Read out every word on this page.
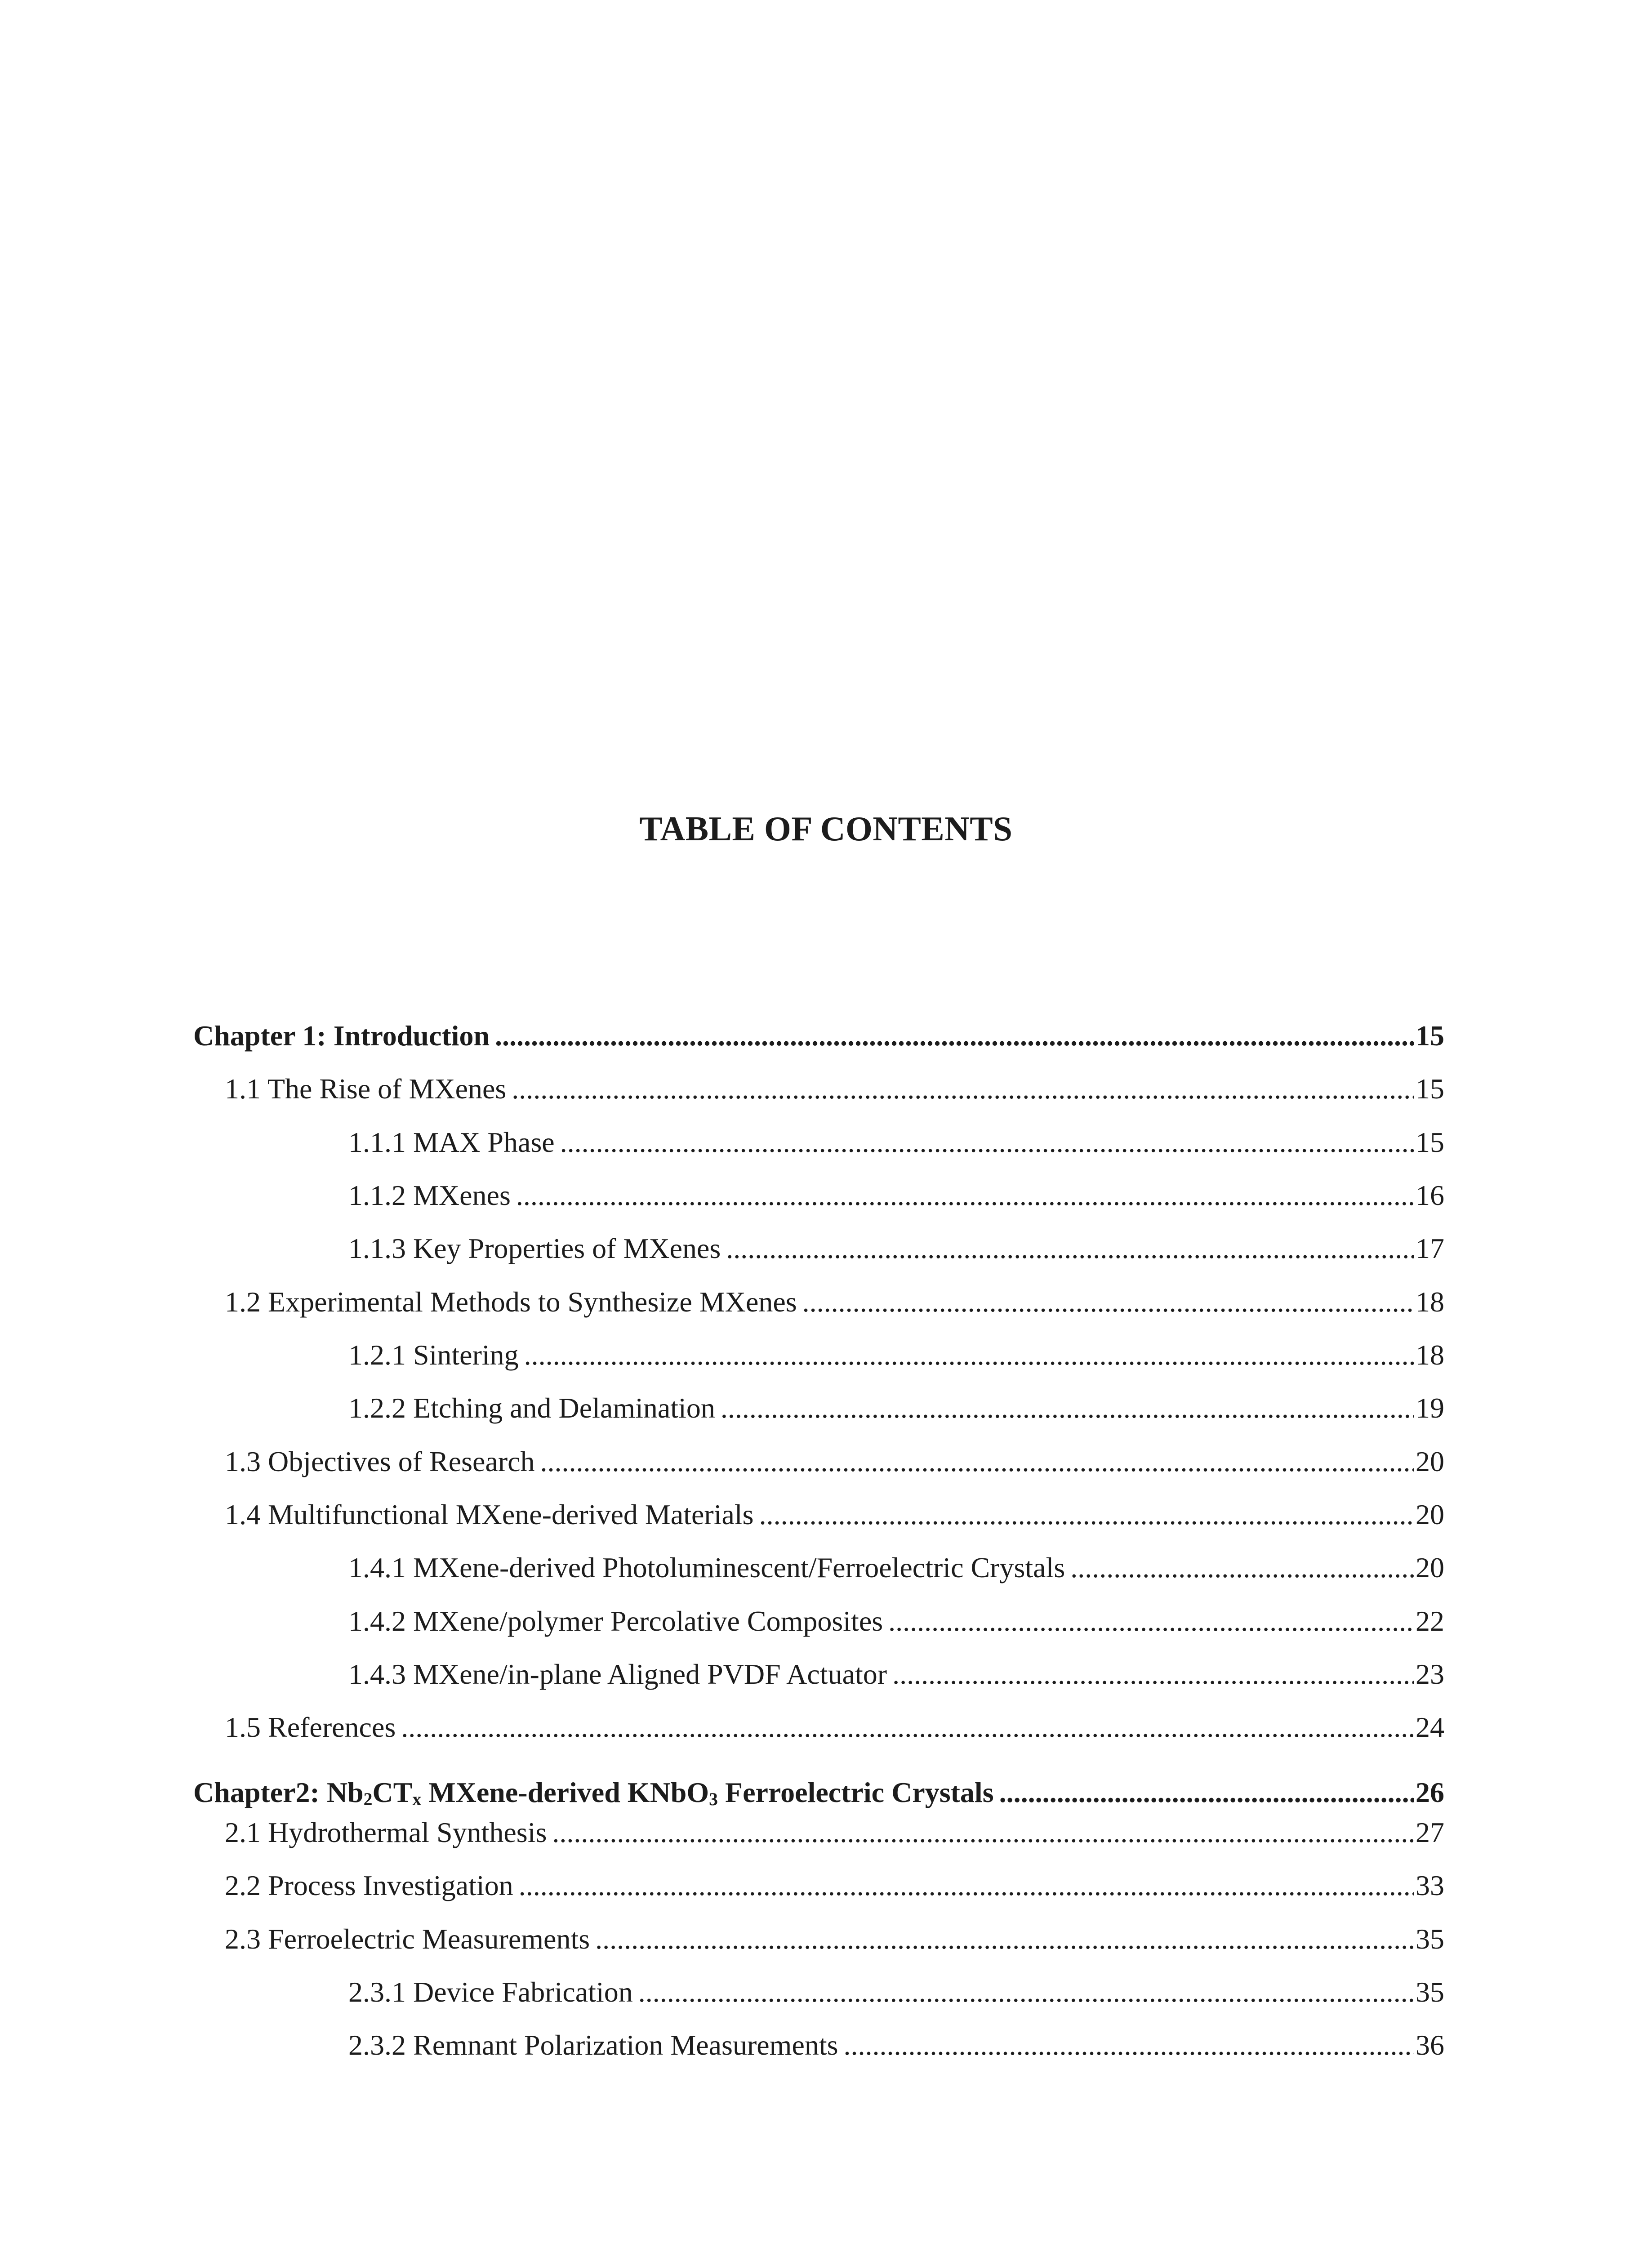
TABLE OF CONTENTS
Chapter 1: Introduction .....	15
1.1 The Rise of MXenes .....	15
1.1.1 MAX Phase .....	15
1.1.2 MXenes .....	16
1.1.3 Key Properties of MXenes .....	17
1.2 Experimental Methods to Synthesize MXenes .....	18
1.2.1 Sintering .....	18
1.2.2 Etching and Delamination .....	19
1.3 Objectives of Research .....	20
1.4 Multifunctional MXene-derived Materials .....	20
1.4.1 MXene-derived Photoluminescent/Ferroelectric Crystals .....	20
1.4.2 MXene/polymer Percolative Composites .....	22
1.4.3 MXene/in-plane Aligned PVDF Actuator .....	23
1.5 References .....	24
Chapter2: $Nb_2CT_x$ MXene-derived KNbO$_3$ Ferroelectric Crystals .....	26
2.1 Hydrothermal Synthesis .....	27
2.2 Process Investigation .....	33
2.3 Ferroelectric Measurements .....	35
2.3.1 Device Fabrication .....	35
2.3.2 Remnant Polarization Measurements .....	36
